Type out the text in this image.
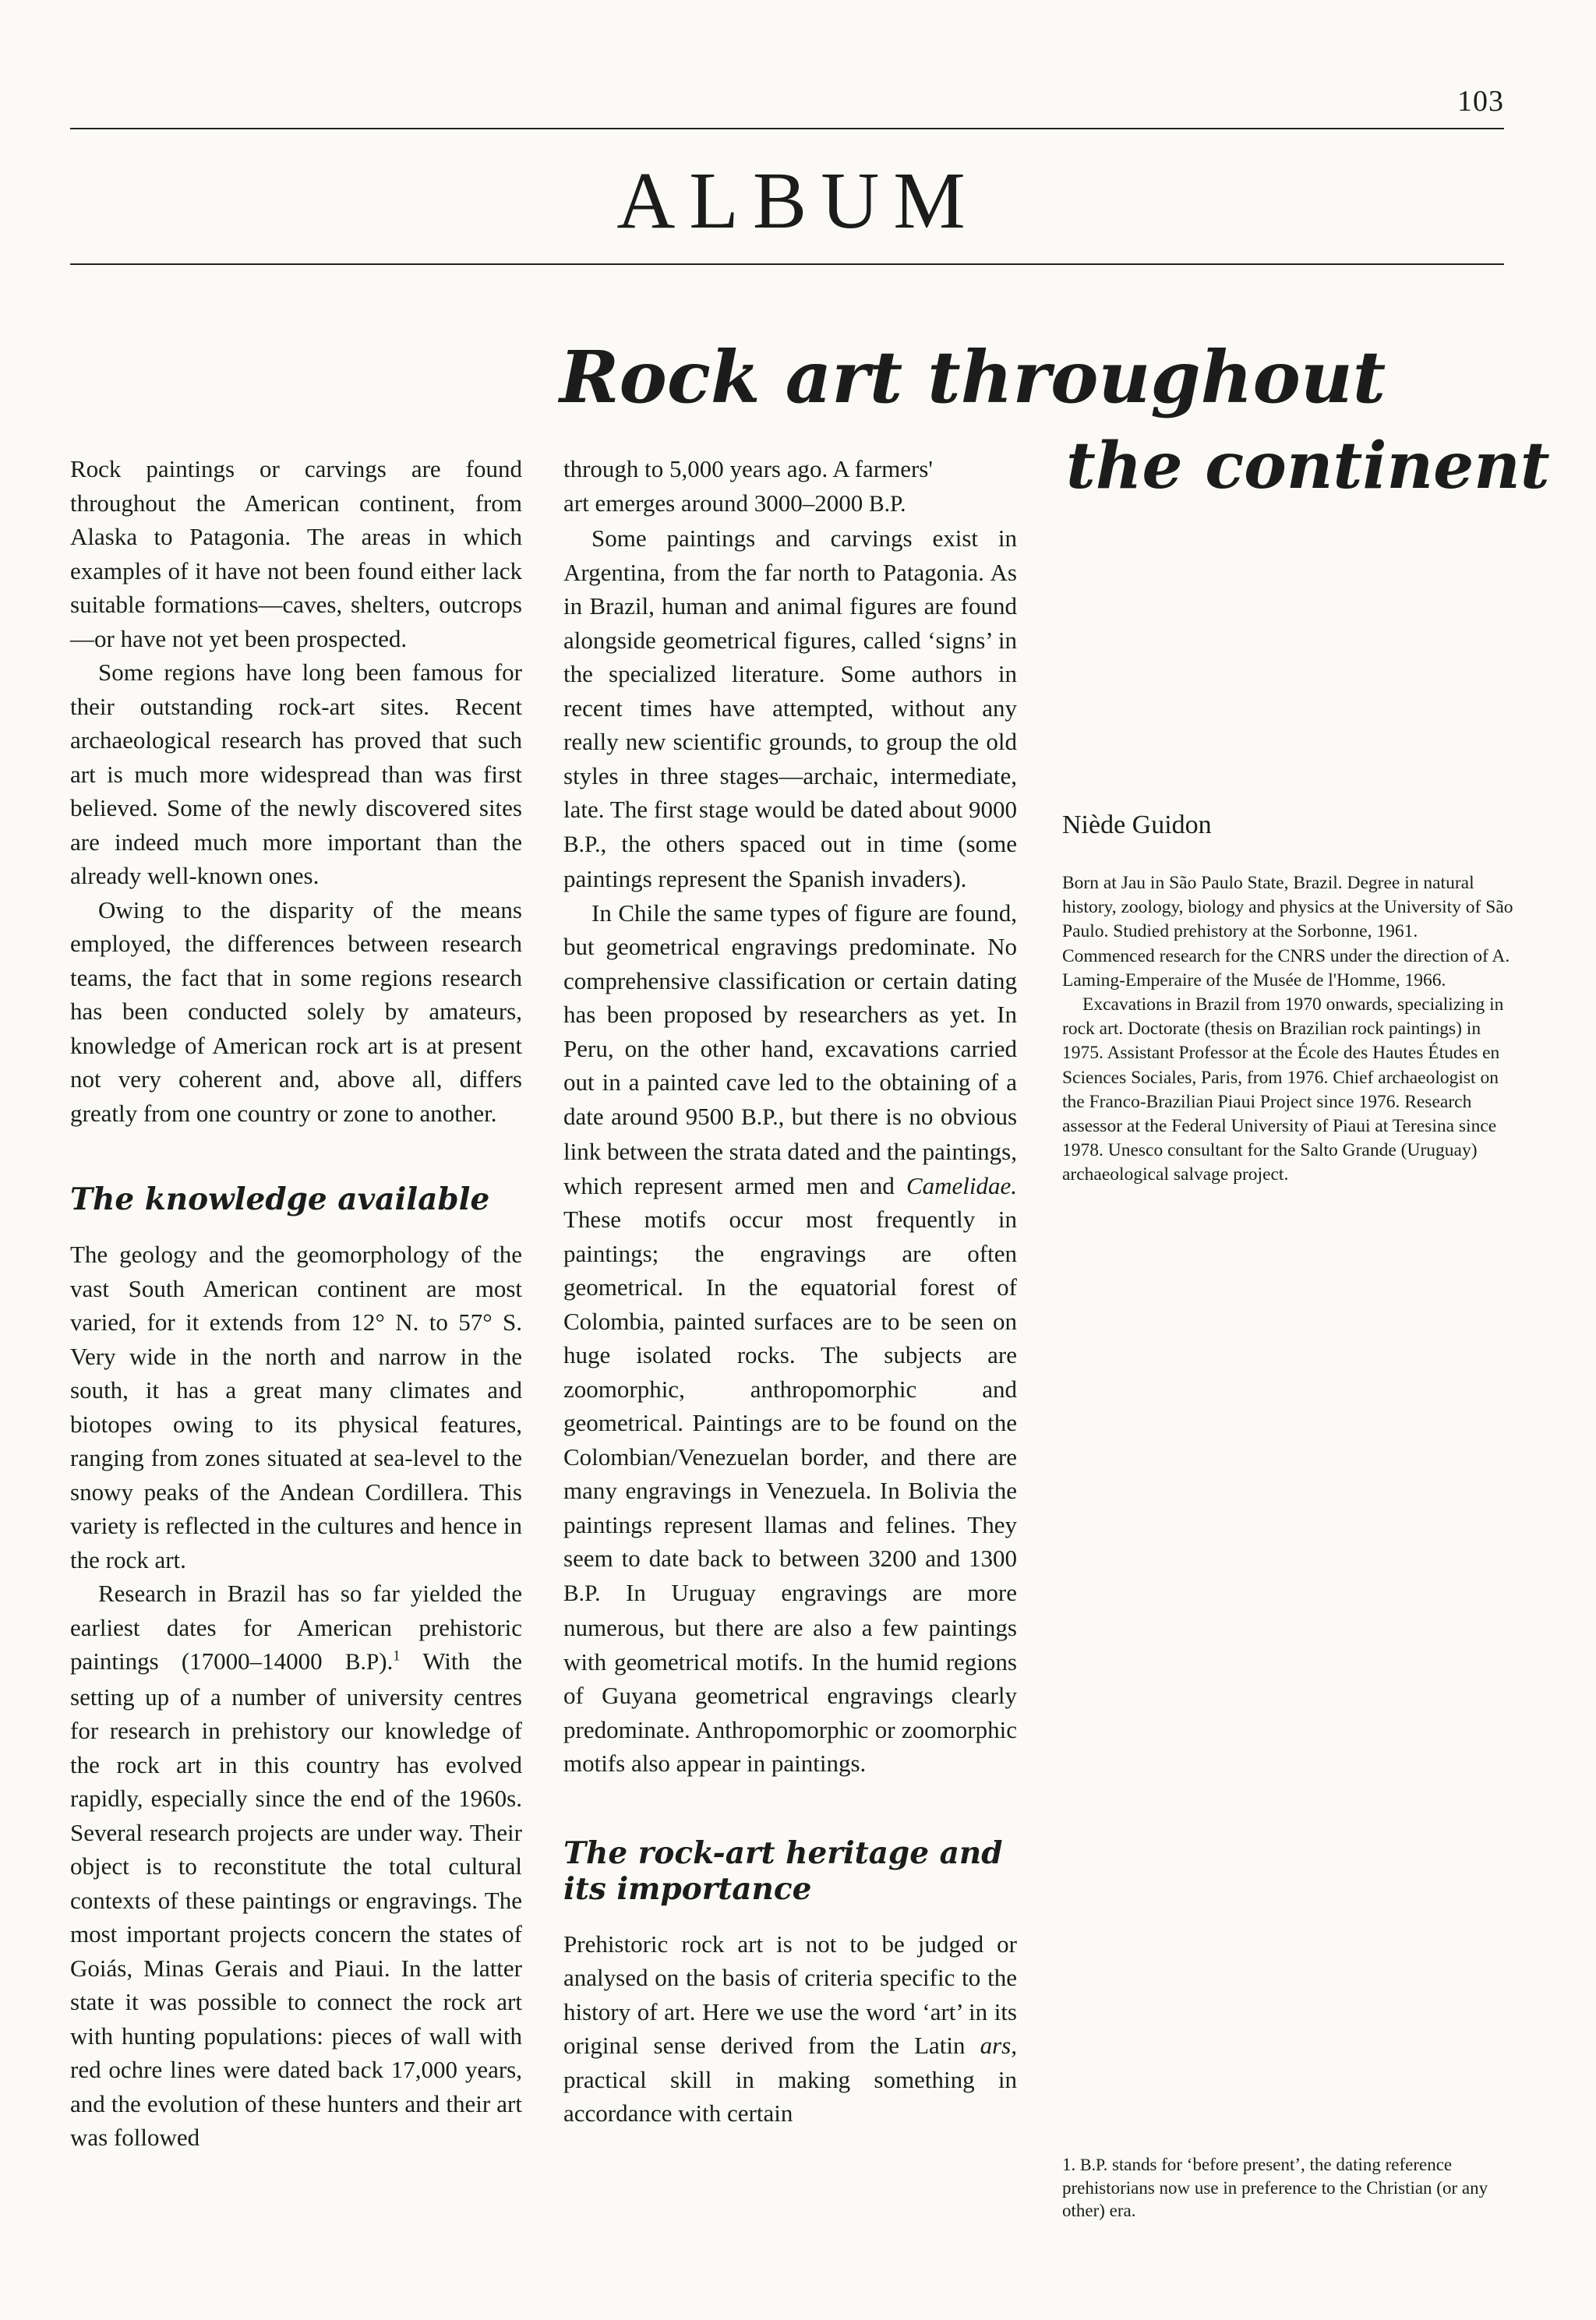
103
ALBUM
Rock art throughout
the continent

Rock paintings or carvings are found throughout the American continent, from Alaska to Patagonia. The areas in which examples of it have not been found either lack suitable formations—caves, shelters, outcrops—or have not yet been prospected.

Some regions have long been famous for their outstanding rock-art sites. Recent archaeological research has proved that such art is much more widespread than was first believed. Some of the newly discovered sites are indeed much more important than the already well-known ones.

Owing to the disparity of the means employed, the differences between research teams, the fact that in some regions research has been conducted solely by amateurs, knowledge of American rock art is at present not very coherent and, above all, differs greatly from one country or zone to another.

The knowledge available

The geology and the geomorphology of the vast South American continent are most varied, for it extends from 12° N. to 57° S. Very wide in the north and narrow in the south, it has a great many climates and biotopes owing to its physical features, ranging from zones situated at sea-level to the snowy peaks of the Andean Cordillera. This variety is reflected in the cultures and hence in the rock art.

Research in Brazil has so far yielded the earliest dates for American prehistoric paintings (17000–14000 B.P).$^1$ With the setting up of a number of university centres for research in prehistory our knowledge of the rock art in this country has evolved rapidly, especially since the end of the 1960s. Several research projects are under way. Their object is to reconstitute the total cultural contexts of these paintings or engravings. The most important projects concern the states of Goiás, Minas Gerais and Piaui. In the latter state it was possible to connect the rock art with hunting populations: pieces of wall with red ochre lines were dated back 17,000 years, and the evolution of these hunters and their art was followed

through to 5,000 years ago. A farmers'
art emerges around 3000–2000 B.P.

Some paintings and carvings exist in Argentina, from the far north to Patagonia. As in Brazil, human and animal figures are found alongside geometrical figures, called ‘signs’ in the specialized literature. Some authors in recent times have attempted, without any really new scientific grounds, to group the old styles in three stages—archaic, intermediate, late. The first stage would be dated about 9000 B.P., the others spaced out in time (some paintings represent the Spanish invaders).

In Chile the same types of figure are found, but geometrical engravings predominate. No comprehensive classification or certain dating has been proposed by researchers as yet. In Peru, on the other hand, excavations carried out in a painted cave led to the obtaining of a date around 9500 B.P., but there is no obvious link between the strata dated and the paintings, which represent armed men and Camelidae. These motifs occur most frequently in paintings; the engravings are often geometrical. In the equatorial forest of Colombia, painted surfaces are to be seen on huge isolated rocks. The subjects are zoomorphic, anthropomorphic and geometrical. Paintings are to be found on the Colombian/Venezuelan border, and there are many engravings in Venezuela. In Bolivia the paintings represent llamas and felines. They seem to date back to between 3200 and 1300 B.P. In Uruguay engravings are more numerous, but there are also a few paintings with geometrical motifs. In the humid regions of Guyana geometrical engravings clearly predominate. Anthropomorphic or zoomorphic motifs also appear in paintings.

The rock-art heritage and its importance

Prehistoric rock art is not to be judged or analysed on the basis of criteria specific to the history of art. Here we use the word ‘art’ in its original sense derived from the Latin ars, practical skill in making something in accordance with certain

Niède Guidon

Born at Jau in São Paulo State, Brazil. Degree in natural history, zoology, biology and physics at the University of São Paulo. Studied prehistory at the Sorbonne, 1961. Commenced research for the CNRS under the direction of A. Laming-Emperaire of the Musée de l'Homme, 1966.

Excavations in Brazil from 1970 onwards, specializing in rock art. Doctorate (thesis on Brazilian rock paintings) in 1975. Assistant Professor at the École des Hautes Études en Sciences Sociales, Paris, from 1976. Chief archaeologist on the Franco-Brazilian Piaui Project since 1976. Research assessor at the Federal University of Piaui at Teresina since 1978. Unesco consultant for the Salto Grande (Uruguay) archaeological salvage project.

1. B.P. stands for ‘before present’, the dating reference prehistorians now use in preference to the Christian (or any other) era.
